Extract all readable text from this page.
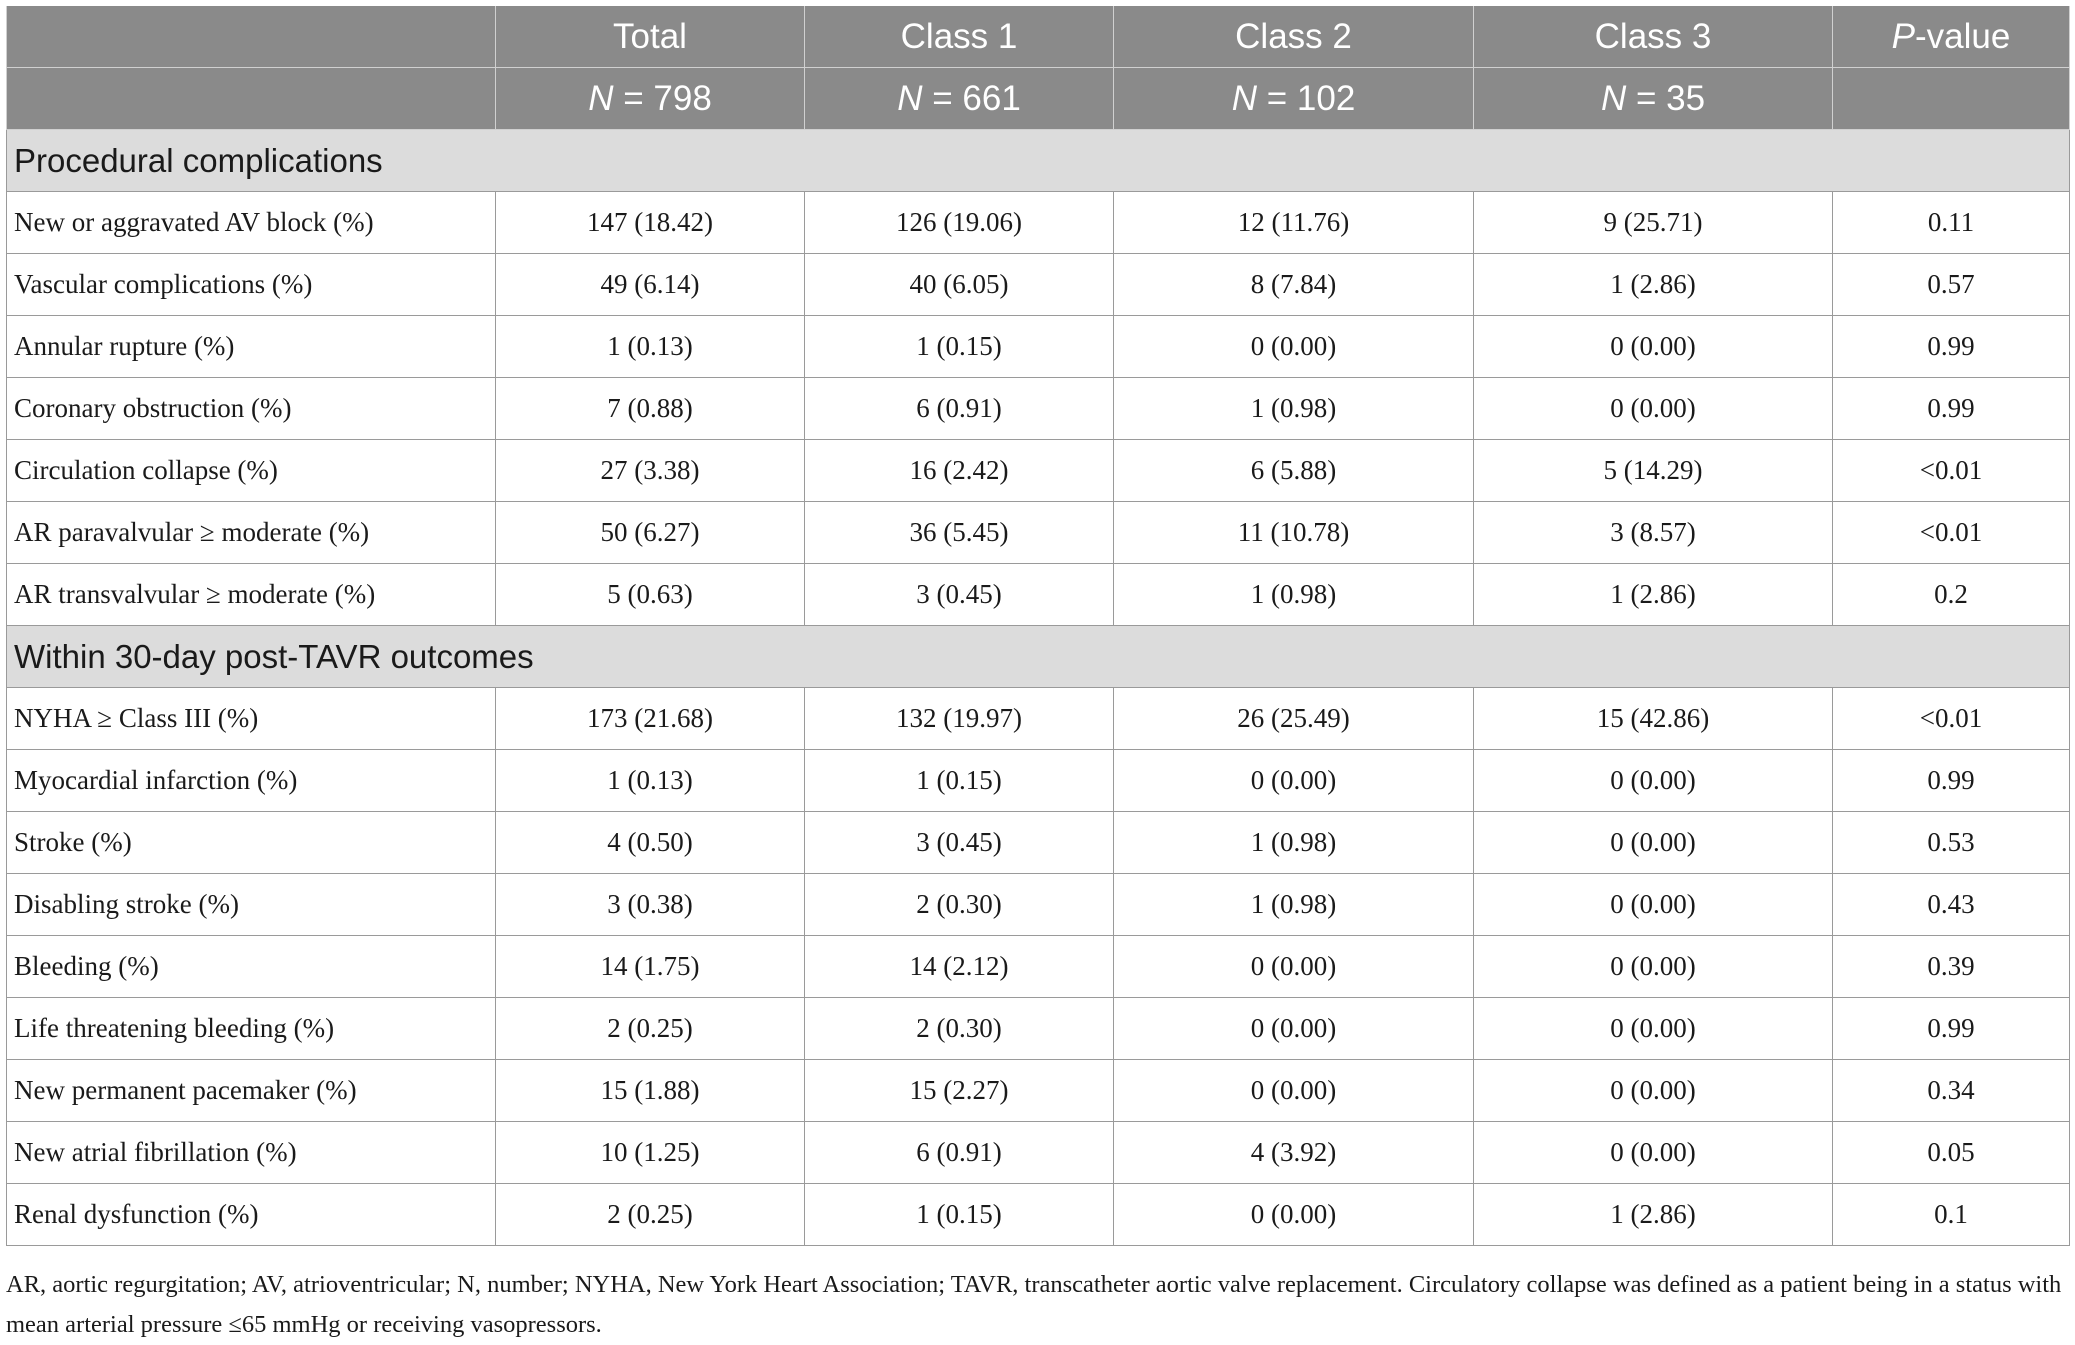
	Total	Class 1	Class 2	Class 3	P-value
	N = 798	N = 661	N = 102	N = 35	
Procedural complications					
New or aggravated AV block (%)	147 (18.42)	126 (19.06)	12 (11.76)	9 (25.71)	0.11
Vascular complications (%)	49 (6.14)	40 (6.05)	8 (7.84)	1 (2.86)	0.57
Annular rupture (%)	1 (0.13)	1 (0.15)	0 (0.00)	0 (0.00)	0.99
Coronary obstruction (%)	7 (0.88)	6 (0.91)	1 (0.98)	0 (0.00)	0.99
Circulation collapse (%)	27 (3.38)	16 (2.42)	6 (5.88)	5 (14.29)	<0.01
AR paravalvular ≥ moderate (%)	50 (6.27)	36 (5.45)	11 (10.78)	3 (8.57)	<0.01
AR transvalvular ≥ moderate (%)	5 (0.63)	3 (0.45)	1 (0.98)	1 (2.86)	0.2
Within 30-day post-TAVR outcomes					
NYHA ≥ Class III (%)	173 (21.68)	132 (19.97)	26 (25.49)	15 (42.86)	<0.01
Myocardial infarction (%)	1 (0.13)	1 (0.15)	0 (0.00)	0 (0.00)	0.99
Stroke (%)	4 (0.50)	3 (0.45)	1 (0.98)	0 (0.00)	0.53
Disabling stroke (%)	3 (0.38)	2 (0.30)	1 (0.98)	0 (0.00)	0.43
Bleeding (%)	14 (1.75)	14 (2.12)	0 (0.00)	0 (0.00)	0.39
Life threatening bleeding (%)	2 (0.25)	2 (0.30)	0 (0.00)	0 (0.00)	0.99
New permanent pacemaker (%)	15 (1.88)	15 (2.27)	0 (0.00)	0 (0.00)	0.34
New atrial fibrillation (%)	10 (1.25)	6 (0.91)	4 (3.92)	0 (0.00)	0.05
Renal dysfunction (%)	2 (0.25)	1 (0.15)	0 (0.00)	1 (2.86)	0.1
AR, aortic regurgitation; AV, atrioventricular; N, number; NYHA, New York Heart Association; TAVR, transcatheter aortic valve replacement. Circulatory collapse was defined as a patient being in a status with mean arterial pressure ≤65 mmHg or receiving vasopressors.
